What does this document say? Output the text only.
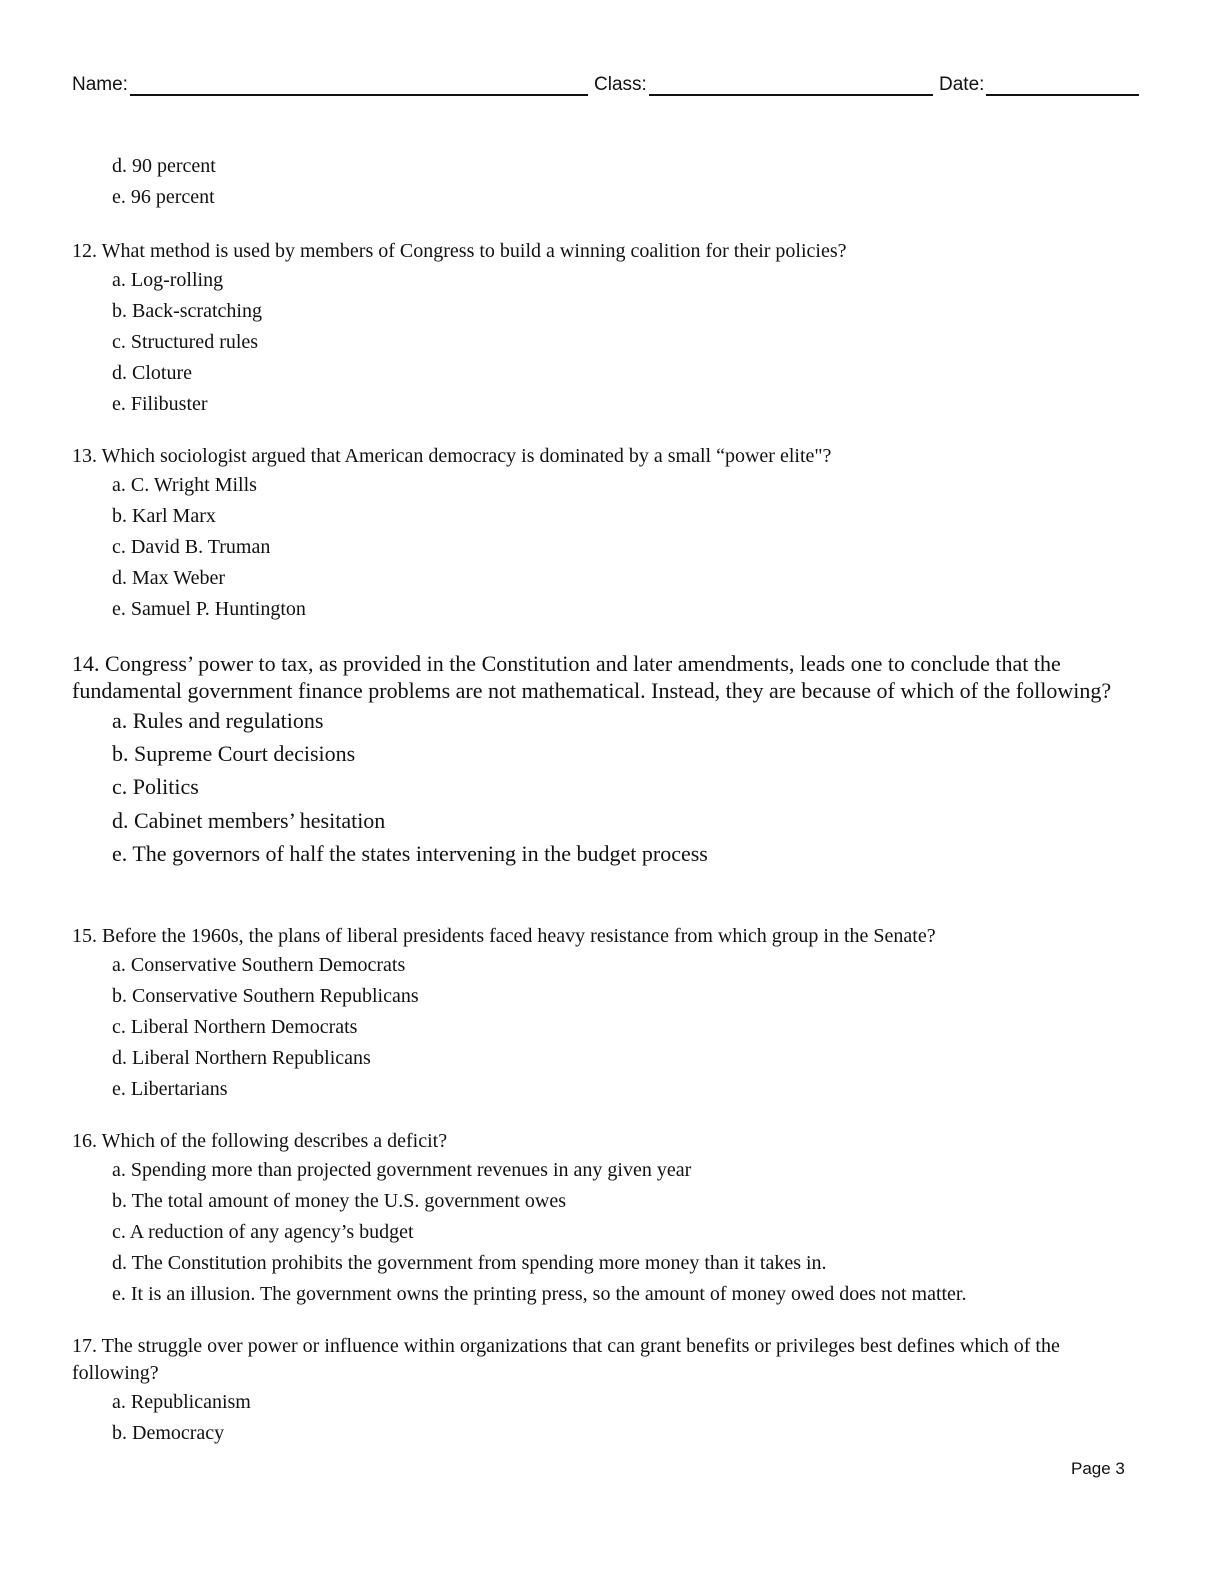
Name:	Class:	Date:

d. 90 percent

e. 96 percent

12. What method is used by members of Congress to build a winning coalition for their policies?

a. Log-rolling

b. Back-scratching

c. Structured rules

d. Cloture

e. Filibuster

13. Which sociologist argued that American democracy is dominated by a small “power elite"?

a. C. Wright Mills

b. Karl Marx

c. David B. Truman

d. Max Weber

e. Samuel P. Huntington

14. Congress’ power to tax, as provided in the Constitution and later amendments, leads one to conclude that the fundamental government finance problems are not mathematical. Instead, they are because of which of the following?

a. Rules and regulations

b. Supreme Court decisions

c. Politics

d. Cabinet members’ hesitation

e. The governors of half the states intervening in the budget process

15. Before the 1960s, the plans of liberal presidents faced heavy resistance from which group in the Senate?

a. Conservative Southern Democrats

b. Conservative Southern Republicans

c. Liberal Northern Democrats

d. Liberal Northern Republicans

e. Libertarians

16. Which of the following describes a deficit?

a. Spending more than projected government revenues in any given year

b. The total amount of money the U.S. government owes

c. A reduction of any agency’s budget

d. The Constitution prohibits the government from spending more money than it takes in.

e. It is an illusion. The government owns the printing press, so the amount of money owed does not matter.

17. The struggle over power or influence within organizations that can grant benefits or privileges best defines which of the following?

a. Republicanism

b. Democracy

Page 3
